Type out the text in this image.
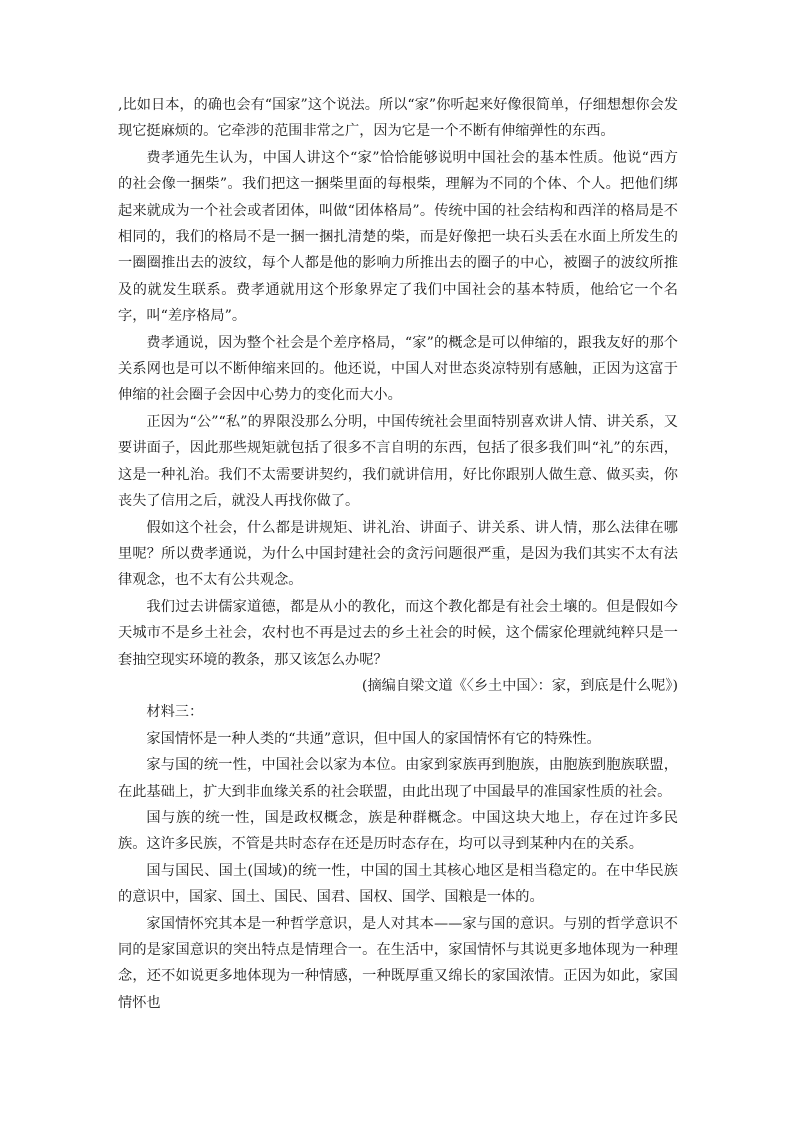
,比如日本，的确也会有“国家”这个说法。所以“家”你听起来好像很简单，仔细想想你会发现它挺麻烦的。它牵涉的范围非常之广，因为它是一个不断有伸缩弹性的东西。

费孝通先生认为，中国人讲这个“家”恰恰能够说明中国社会的基本性质。他说“西方的社会像一捆柴”。我们把这一捆柴里面的每根柴，理解为不同的个体、个人。把他们绑起来就成为一个社会或者团体，叫做“团体格局”。传统中国的社会结构和西洋的格局是不相同的，我们的格局不是一捆一捆扎清楚的柴，而是好像把一块石头丢在水面上所发生的一圈圈推出去的波纹，每个人都是他的影响力所推出去的圈子的中心，被圈子的波纹所推及的就发生联系。费孝通就用这个形象界定了我们中国社会的基本特质，他给它一个名字，叫“差序格局”。

费孝通说，因为整个社会是个差序格局，“家”的概念是可以伸缩的，跟我友好的那个关系网也是可以不断伸缩来回的。他还说，中国人对世态炎凉特别有感触，正因为这富于伸缩的社会圈子会因中心势力的变化而大小。

正因为“公”“私”的界限没那么分明，中国传统社会里面特别喜欢讲人情、讲关系，又要讲面子，因此那些规矩就包括了很多不言自明的东西，包括了很多我们叫“礼”的东西，这是一种礼治。我们不太需要讲契约，我们就讲信用，好比你跟别人做生意、做买卖，你丧失了信用之后，就没人再找你做了。

假如这个社会，什么都是讲规矩、讲礼治、讲面子、讲关系、讲人情，那么法律在哪里呢？所以费孝通说，为什么中国封建社会的贪污问题很严重，是因为我们其实不太有法律观念，也不太有公共观念。

我们过去讲儒家道德，都是从小的教化，而这个教化都是有社会土壤的。但是假如今天城市不是乡土社会，农村也不再是过去的乡土社会的时候，这个儒家伦理就纯粹只是一套抽空现实环境的教条，那又该怎么办呢？

(摘编自梁文道《〈乡土中国〉：家，到底是什么呢》)

材料三：

家国情怀是一种人类的“共通”意识，但中国人的家国情怀有它的特殊性。

家与国的统一性，中国社会以家为本位。由家到家族再到胞族，由胞族到胞族联盟，在此基础上，扩大到非血缘关系的社会联盟，由此出现了中国最早的准国家性质的社会。

国与族的统一性，国是政权概念，族是种群概念。中国这块大地上，存在过许多民族。这许多民族，不管是共时态存在还是历时态存在，均可以寻到某种内在的关系。

国与国民、国土(国域)的统一性，中国的国土其核心地区是相当稳定的。在中华民族的意识中，国家、国土、国民、国君、国权、国学、国粮是一体的。

家国情怀究其本是一种哲学意识，是人对其本——家与国的意识。与别的哲学意识不同的是家国意识的突出特点是情理合一。在生活中，家国情怀与其说更多地体现为一种理念，还不如说更多地体现为一种情感，一种既厚重又绵长的家国浓情。正因为如此，家国情怀也
